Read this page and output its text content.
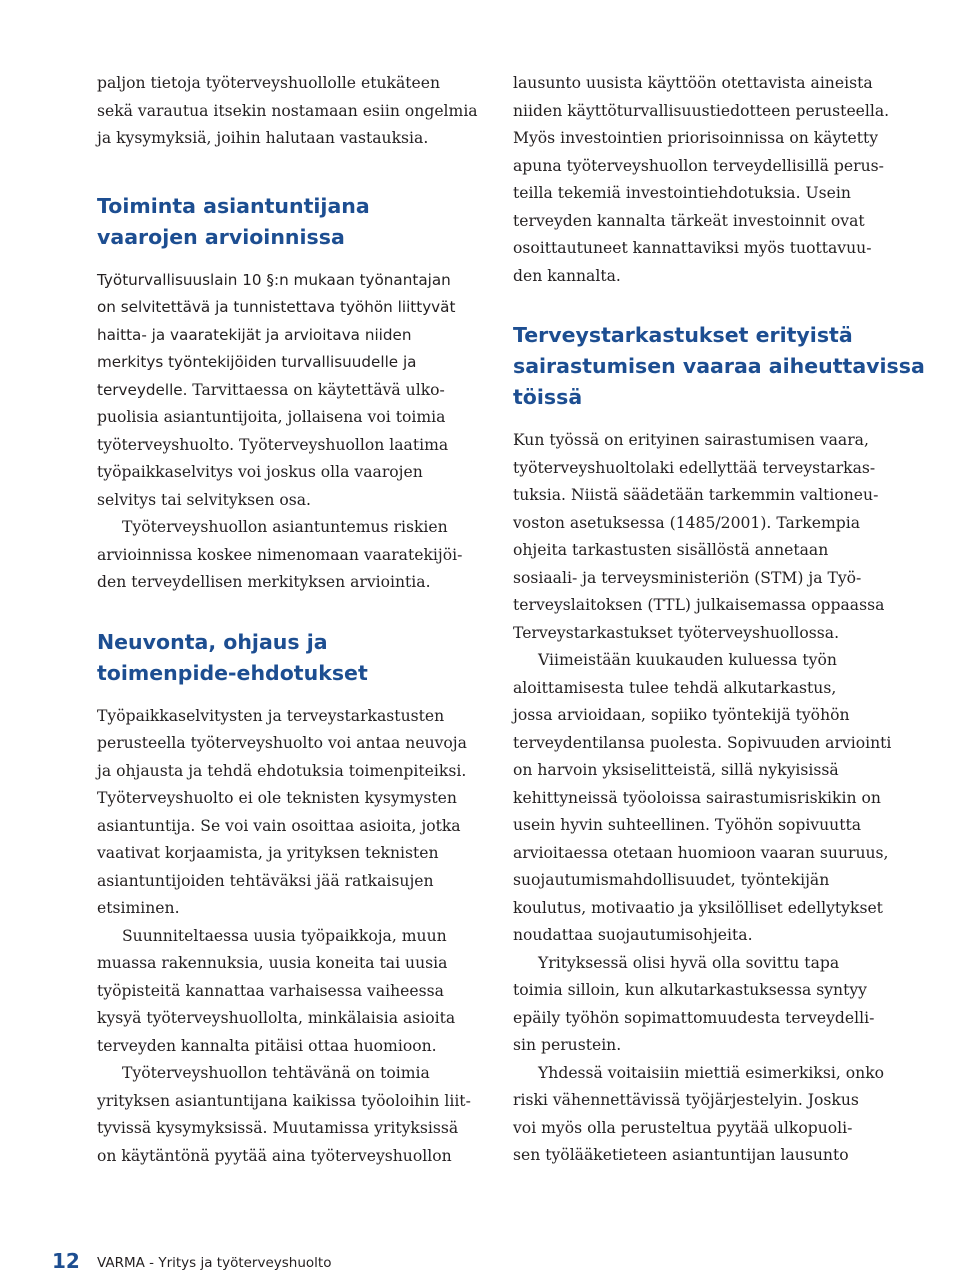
paljon tietoja työterveyshuollolle etukäteen
sekä varautua itsekin nostamaan esiin ongelmia
ja kysymyksiä, joihin halutaan vastauksia.

Toiminta asiantuntijana
vaarojen arvioinnissa

Työturvallisuuslain 10 §:n mukaan työnantajan
on selvitettävä ja tunnistettava työhön liittyvät
haitta- ja vaaratekijät ja arvioitava niiden
merkitys työntekijöiden turvallisuudelle ja
terveydelle. Tarvittaessa on käytettävä ulko-

puolisia asiantuntijoita, jollaisena voi toimia
työterveyshuolto. Työterveyshuollon laatima
työpaikkaselvitys voi joskus olla vaarojen
selvitys tai selvityksen osa.

Työterveyshuollon asiantuntemus riskien
arvioinnissa koskee nimenomaan vaaratekijöi-
den terveydellisen merkityksen arviointia.

Neuvonta, ohjaus ja
toimenpide-ehdotukset

Työpaikkaselvitysten ja terveystarkastusten
perusteella työterveyshuolto voi antaa neuvoja
ja ohjausta ja tehdä ehdotuksia toimenpiteiksi.
Työterveyshuolto ei ole teknisten kysymysten
asiantuntija. Se voi vain osoittaa asioita, jotka
vaativat korjaamista, ja yrityksen teknisten
asiantuntijoiden tehtäväksi jää ratkaisujen
etsiminen.

Suunniteltaessa uusia työpaikkoja, muun
muassa rakennuksia, uusia koneita tai uusia
työpisteitä kannattaa varhaisessa vaiheessa
kysyä työterveyshuollolta, minkälaisia asioita
terveyden kannalta pitäisi ottaa huomioon.

Työterveyshuollon tehtävänä on toimia
yrityksen asiantuntijana kaikissa työoloihin liit-
tyvissä kysymyksissä. Muutamissa yrityksissä
on käytäntönä pyytää aina työterveyshuollon

lausunto uusista käyttöön otettavista aineista
niiden käyttöturvallisuustiedotteen perusteella.
Myös investointien priorisoinnissa on käytetty
apuna työterveyshuollon terveydellisillä perus-
teilla tekemiä investointiehdotuksia. Usein
terveyden kannalta tärkeät investoinnit ovat
osoittautuneet kannattaviksi myös tuottavuu-
den kannalta.

Terveystarkastukset erityistä
sairastumisen vaaraa aiheuttavissa
töissä

Kun työssä on erityinen sairastumisen vaara,
työterveyshuoltolaki edellyttää terveystarkas-
tuksia. Niistä säädetään tarkemmin valtioneu-
voston asetuksessa (1485/2001). Tarkempia
ohjeita tarkastusten sisällöstä annetaan
sosiaali- ja terveysministeriön (STM) ja Työ-
terveyslaitoksen (TTL) julkaisemassa oppaassa
Terveystarkastukset työterveyshuollossa.

Viimeistään kuukauden kuluessa työn
aloittamisesta tulee tehdä alkutarkastus,
jossa arvioidaan, sopiiko työntekijä työhön
terveydentilansa puolesta. Sopivuuden arviointi
on harvoin yksiselitteistä, sillä nykyisissä
kehittyneissä työoloissa sairastumisriskikin on
usein hyvin suhteellinen. Työhön sopivuutta
arvioitaessa otetaan huomioon vaaran suuruus,
suojautumismahdollisuudet, työntekijän
koulutus, motivaatio ja yksilölliset edellytykset
noudattaa suojautumisohjeita.

Yrityksessä olisi hyvä olla sovittu tapa
toimia silloin, kun alkutarkastuksessa syntyy
epäily työhön sopimattomuudesta terveydelli-
sin perustein.

Yhdessä voitaisiin miettiä esimerkiksi, onko
riski vähennettävissä työjärjestelyin. Joskus
voi myös olla perusteltua pyytää ulkopuoli-
sen työlääketieteen asiantuntijan lausunto

12 VARMA - Yritys ja työterveyshuolto
